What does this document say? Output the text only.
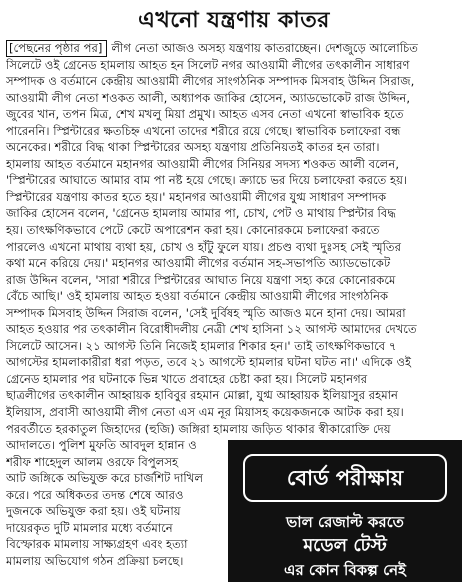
এখনো যন্ত্রণায় কাতর
[পেছনের পৃষ্ঠার পর] লীগ নেতা আজও অসহ্য যন্ত্রণায় কাতরাচ্ছেন। দেশজুড়ে আলোচিত
সিলেটে ওই গ্রেনেড হামলায় আহত হন সিলেট নগর আওয়ামী লীগের তৎকালীন সাধারণ
সম্পাদক ও বর্তমানে কেন্দ্রীয় আওয়ামী লীগের সাংগঠনিক সম্পাদক মিসবাহ উদ্দিন সিরাজ,
আওয়ামী লীগ নেতা শওকত আলী, অধ্যাপক জাকির হোসেন, অ্যাডভোকেট রাজ উদ্দিন,
জুবের খান, তপন মিত্র, শেখ মখলু মিয়া প্রমুখ। আহত এসব নেতা এখনো স্বাভাবিক হতে
পারেননি। স্প্লিন্টারের ক্ষতচিহ্ন এখনো তাদের শরীরে রয়ে গেছে। স্বাভাবিক চলাফেরা বন্ধ
অনেকের। শরীরে বিদ্ধ থাকা স্প্লিন্টারের অসহ্য যন্ত্রণায় প্রতিনিয়তই কাতর হন তারা।
হামলায় আহত বর্তমানে মহানগর আওয়ামী লীগের সিনিয়র সদস্য শওকত আলী বলেন,
'স্প্লিন্টারের আঘাতে আমার বাম পা নষ্ট হয়ে গেছে। ক্র্যাচে ভর দিয়ে চলাফেরা করতে হয়।
স্প্লিন্টারের যন্ত্রণায় কাতর হতে হয়।' মহানগর আওয়ামী লীগের যুগ্ম সাধারণ সম্পাদক
জাকির হোসেন বলেন, 'গ্রেনেড হামলায় আমার পা, চোখ, পেট ও মাথায় স্প্লিন্টার বিদ্ধ
হয়। তাৎক্ষণিকভাবে পেটে কেটে অপারেশন করা হয়। কোনোরকমে চলাফেরা করতে
পারলেও এখনো মাথায় ব্যথা হয়, চোখ ও হাঁটু ফুলে যায়। প্রচণ্ড ব্যথা দুঃসহ সেই স্মৃতির
কথা মনে করিয়ে দেয়।' মহানগর আওয়ামী লীগের বর্তমান সহ-সভাপতি অ্যাডভোকেট
রাজ উদ্দিন বলেন, 'সারা শরীরে স্প্লিন্টারের আঘাত নিয়ে যন্ত্রণা সহ্য করে কোনোরকমে
বেঁচে আছি।' ওই হামলায় আহত হওয়া বর্তমানে কেন্দ্রীয় আওয়ামী লীগের সাংগঠনিক
সম্পাদক মিসবাহ উদ্দিন সিরাজ বলেন, 'সেই দুর্বিষহ স্মৃতি আজও মনে হানা দেয়। আমরা
আহত হওয়ার পর তৎকালীন বিরোধীদলীয় নেত্রী শেখ হাসিনা ১২ আগস্ট আমাদের দেখতে
সিলেটে আসেন। ২১ আগস্ট তিনি নিজেই হামলার শিকার হন।' তাই তাৎক্ষণিকভাবে ৭
আগস্টের হামলাকারীরা ধরা পড়ত, তবে ২১ আগস্টে হামলার ঘটনা ঘটত না।' এদিকে ওই
গ্রেনেড হামলার পর ঘটনাকে ভিন্ন খাতে প্রবাহের চেষ্টা করা হয়। সিলেট মহানগর
ছাত্রলীগের তৎকালীন আহ্বায়ক হাবিবুর রহমান মোল্লা, যুগ্ম আহ্বায়ক ইলিয়াসুর রহমান
ইলিয়াস, প্রবাসী আওয়ামী লীগ নেতা এস এম নূর মিয়াসহ কয়েকজনকে আটক করা হয়।
পরবর্তীতে হরকাতুল জিহাদের (হুজি) জঙ্গিরা হামলায় জড়িত থাকার স্বীকারোক্তি দেয়
আদালতে। পুলিশ মুফতি আবদুল হান্নান ও
শরীফ শাহেদুল আলম ওরফে বিপুলসহ
আট জঙ্গিকে অভিযুক্ত করে চার্জশিট দাখিল
করে। পরে অধিকতর তদন্ত শেষে আরও
দুজনকে অভিযুক্ত করা হয়। ওই ঘটনায়
দায়েরকৃত দুটি মামলার মধ্যে বর্তমানে
বিস্ফোরক মামলায় সাক্ষ্যগ্রহণ এবং হত্যা
মামলায় অভিযোগ গঠন প্রক্রিয়া চলছে।
বোর্ড পরীক্ষায়
ভাল রেজাল্ট করতে
মডেল টেস্ট
এর কোন বিকল্প নেই
